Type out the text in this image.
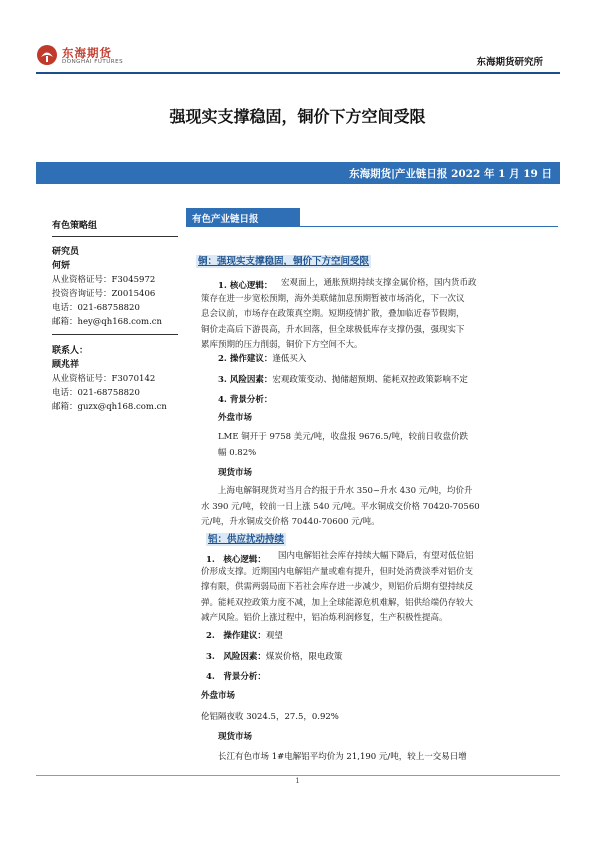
东海期货
DONGHAI FUTURES	东海期货研究所
强现实支撑稳固，铜价下方空间受限
东海期货|产业链日报 2022 年 1 月 19 日
有色策略组
研究员
何妍
从业资格证号：F3045972
投资咨询证号：Z0015406
电话：021-68758820
邮箱：hey@qh168.com.cn
联系人：
顾兆祥
从业资格证号：F3070142
电话：021-68758820
邮箱：guzx@qh168.com.cn
有色产业链日报
铜：强现实支撑稳固，铜价下方空间受限
1. 核心逻辑：	宏观面上，通胀预期持续支撑金属价格，国内货币政
策存在进一步宽松预期，海外美联储加息预期暂被市场消化，下一次议
息会议前，市场存在政策真空期。短期疫情扩散，叠加临近春节假期，
铜价走高后下游畏高，升水回落，但全球极低库存支撑仍强，强现实下
累库预期的压力削弱，铜价下方空间不大。
2. 操作建议：逢低买入
3. 风险因素：宏观政策变动、抛储超预期、能耗双控政策影响不定
4. 背景分析：
外盘市场
LME 铜开于 9758 美元/吨，收盘报 9676.5/吨，较前日收盘价跌
幅 0.82%
现货市场
上海电解铜现货对当月合约报于升水 350~升水 430 元/吨，均价升
水 390 元/吨，较前一日上涨 540 元/吨。平水铜成交价格 70420-70560
元/吨，升水铜成交价格 70440-70600 元/吨。
铝：供应扰动持续
1.　核心逻辑：	国内电解铝社会库存持续大幅下降后，有望对低位铝
价形成支撑。近期国内电解铝产量或难有提升，但时处消费淡季对铝价支
撑有限，供需两弱局面下若社会库存进一步减少，则铝价后期有望持续反
弹。能耗双控政策力度不减，加上全球能源危机难解，铝供给端仍存较大
减产风险。铝价上涨过程中，铝冶炼利润修复，生产积极性提高。
2.　操作建议：观望
3.　风险因素：煤炭价格，限电政策
4.　背景分析：
外盘市场
伦铝隔夜收 3024.5，27.5，0.92%
现货市场
长江有色市场 1#电解铝平均价为 21,190 元/吨，较上一交易日增
1
